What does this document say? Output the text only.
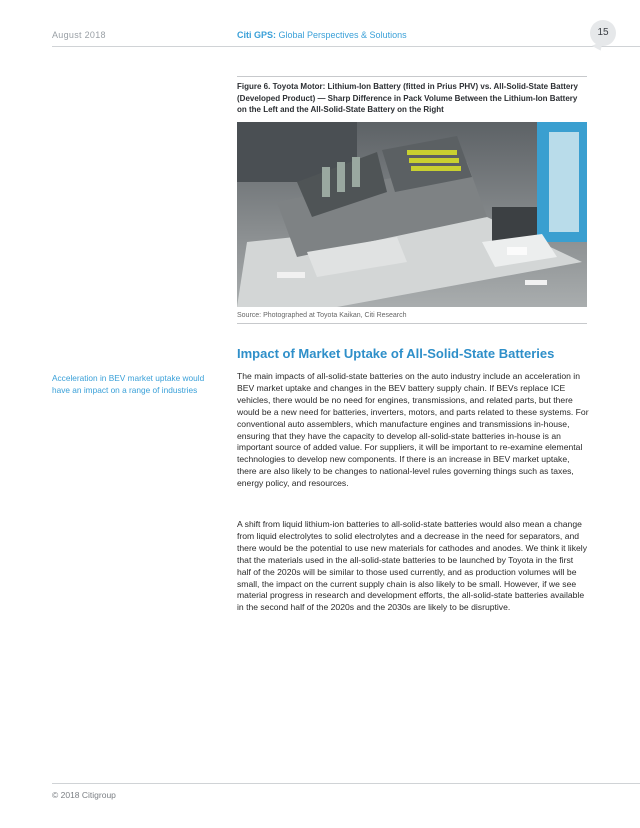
August 2018	Citi GPS: Global Perspectives & Solutions	15
Figure 6. Toyota Motor: Lithium-Ion Battery (fitted in Prius PHV) vs. All-Solid-State Battery (Developed Product) — Sharp Difference in Pack Volume Between the Lithium-Ion Battery on the Left and the All-Solid-State Battery on the Right
Source: Photographed at Toyota Kaikan, Citi Research
Impact of Market Uptake of All-Solid-State Batteries
Acceleration in BEV market uptake would have an impact on a range of industries
The main impacts of all-solid-state batteries on the auto industry include an acceleration in BEV market uptake and changes in the BEV battery supply chain. If BEVs replace ICE vehicles, there would be no need for engines, transmissions, and related parts, but there would be a new need for batteries, inverters, motors, and parts related to these systems. For conventional auto assemblers, which manufacture engines and transmissions in-house, ensuring that they have the capacity to develop all-solid-state batteries in-house is an important source of added value. For suppliers, it will be important to re-examine elemental technologies to develop new components. If there is an increase in BEV market uptake, there are also likely to be changes to national-level rules governing things such as taxes, energy policy, and resources.
A shift from liquid lithium-ion batteries to all-solid-state batteries would also mean a change from liquid electrolytes to solid electrolytes and a decrease in the need for separators, and there would be the potential to use new materials for cathodes and anodes. We think it likely that the materials used in the all-solid-state batteries to be launched by Toyota in the first half of the 2020s will be similar to those used currently, and as production volumes will be small, the impact on the current supply chain is also likely to be small. However, if we see material progress in research and development efforts, the all-solid-state batteries available in the second half of the 2020s and the 2030s are likely to be disruptive.
© 2018 Citigroup
